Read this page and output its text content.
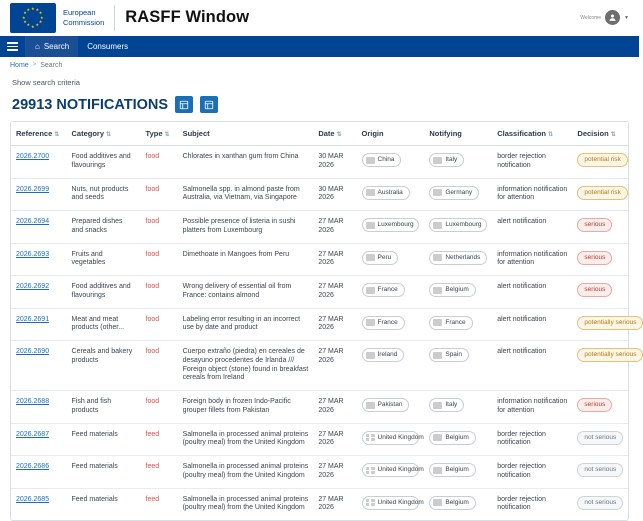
★ ★
★
★
★
★
★
★
★
★
★
★	European
Commission RASFF Window	Welcome	▼
⌂ Search Consumers
Home > Search
Show search criteria
29913 NOTIFICATIONS
Reference ⇅	Category ⇅	Type ⇅	Subject	Date ⇅	Origin	Notifying	Classification ⇅	Decision ⇅
2026.2700	Food additives and flavourings	food	Chlorates in xanthan gum from China	30 MAR 2026	China	Italy	border rejection notification	potential risk
2026.2699	Nuts, nut products and seeds	food	Salmonella spp. in almond paste from Australia, via Vietnam, via Singapore	30 MAR 2026	Australia	Germany	information notification for attention	potential risk
2026.2694	Prepared dishes and snacks	food	Possible presence of listeria in sushi platters from Luxembourg	27 MAR 2026	Luxembourg	Luxembourg	alert notification	serious
2026.2693	Fruits and vegetables	food	Dimethoate in Mangoes from Peru	27 MAR 2026	Peru	Netherlands	information notification for attention	serious
2026.2692	Food additives and flavourings	food	Wrong delivery of essential oil from France: contains almond	27 MAR 2026	France	Belgium	alert notification	serious
2026.2691	Meat and meat products (other...	food	Labeling error resulting in an incorrect use by date and product	27 MAR 2026	France	France	alert notification	potentially serious
2026.2690	Cereals and bakery products	food	Cuerpo extraño (piedra) en cereales de desayuno procedentes de Irlanda /// Foreign object (stone) found in breakfast cereals from Ireland	27 MAR 2026	Ireland	Spain	alert notification	potentially serious
2026.2688	Fish and fish products	food	Foreign body in frozen Indo-Pacific grouper fillets from Pakistan	27 MAR 2026	Pakistan	Italy	information notification for attention	serious
2026.2687	Feed materials	feed	Salmonella in processed animal proteins (poultry meal) from the United Kingdom	27 MAR 2026	United Kingdom	Belgium	border rejection notification	not serious
2026.2686	Feed materials	feed	Salmonella in processed animal proteins (poultry meal) from the United Kingdom	27 MAR 2026	United Kingdom	Belgium	border rejection notification	not serious
2026.2685	Feed materials	feed	Salmonella in processed animal proteins (poultry meal) from the United Kingdom	27 MAR 2026	United Kingdom	Belgium	border rejection notification	not serious
